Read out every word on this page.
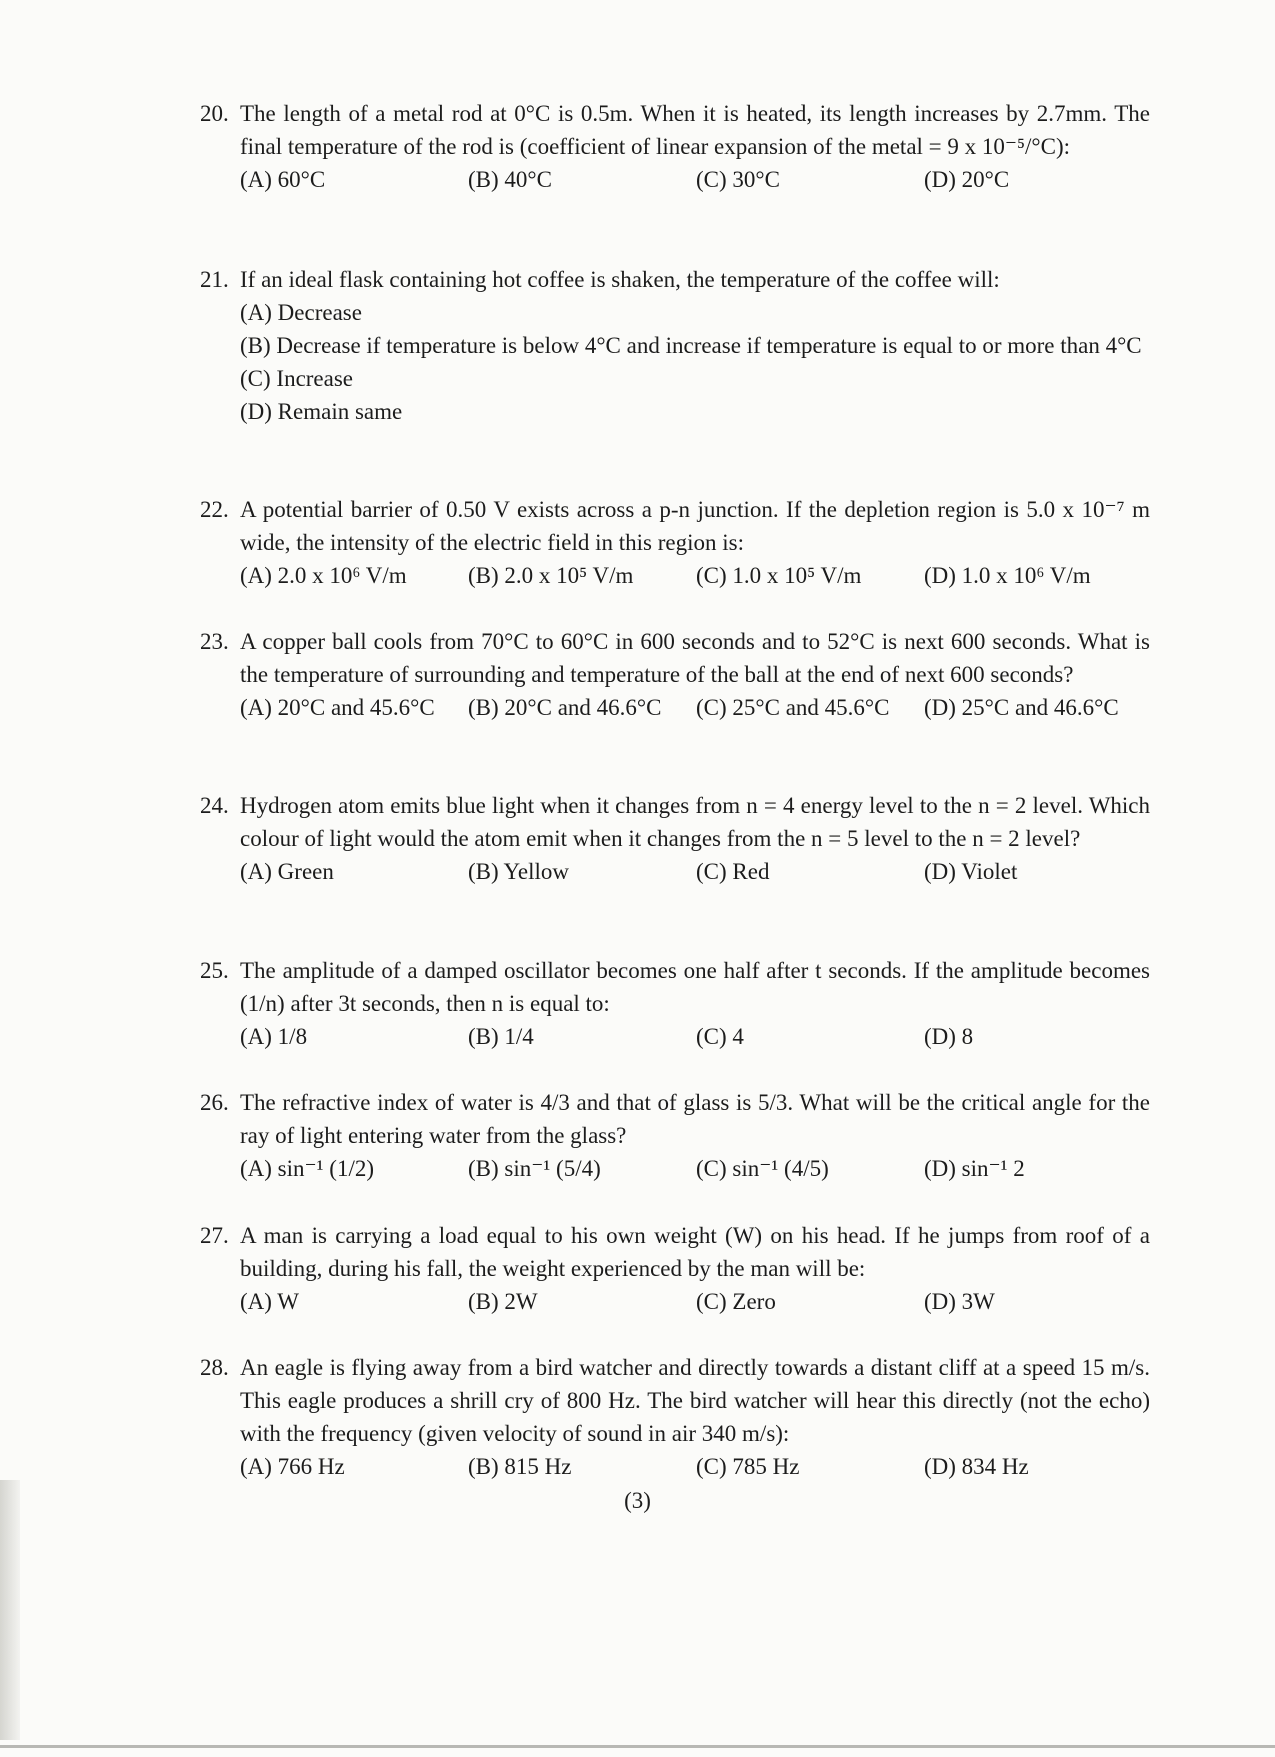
20. The length of a metal rod at 0°C is 0.5m. When it is heated, its length increases by 2.7mm. The final temperature of the rod is (coefficient of linear expansion of the metal = 9 x 10⁻⁵/°C):
(A) 60°C	(B) 40°C	(C) 30°C	(D) 20°C
21. If an ideal flask containing hot coffee is shaken, the temperature of the coffee will:
(A) Decrease
(B) Decrease if temperature is below 4°C and increase if temperature is equal to or more than 4°C
(C) Increase
(D) Remain same
22. A potential barrier of 0.50 V exists across a p-n junction. If the depletion region is 5.0 x 10⁻⁷ m wide, the intensity of the electric field in this region is:
(A) 2.0 x 10⁶ V/m	(B) 2.0 x 10⁵ V/m	(C) 1.0 x 10⁵ V/m	(D) 1.0 x 10⁶ V/m
23. A copper ball cools from 70°C to 60°C in 600 seconds and to 52°C is next 600 seconds. What is the temperature of surrounding and temperature of the ball at the end of next 600 seconds?
(A) 20°C and 45.6°C	(B) 20°C and 46.6°C	(C) 25°C and 45.6°C	(D) 25°C and 46.6°C
24. Hydrogen atom emits blue light when it changes from n = 4 energy level to the n = 2 level. Which colour of light would the atom emit when it changes from the n = 5 level to the n = 2 level?
(A) Green	(B) Yellow	(C) Red	(D) Violet
25. The amplitude of a damped oscillator becomes one half after t seconds. If the amplitude becomes (1/n) after 3t seconds, then n is equal to:
(A) 1/8	(B) 1/4	(C) 4	(D) 8
26. The refractive index of water is 4/3 and that of glass is 5/3. What will be the critical angle for the ray of light entering water from the glass?
(A) sin⁻¹ (1/2)	(B) sin⁻¹ (5/4)	(C) sin⁻¹ (4/5)	(D) sin⁻¹ 2
27. A man is carrying a load equal to his own weight (W) on his head. If he jumps from roof of a building, during his fall, the weight experienced by the man will be:
(A) W	(B) 2W	(C) Zero	(D) 3W
28. An eagle is flying away from a bird watcher and directly towards a distant cliff at a speed 15 m/s. This eagle produces a shrill cry of 800 Hz. The bird watcher will hear this directly (not the echo) with the frequency (given velocity of sound in air 340 m/s):
(A) 766 Hz	(B) 815 Hz	(C) 785 Hz	(D) 834 Hz
(3)
